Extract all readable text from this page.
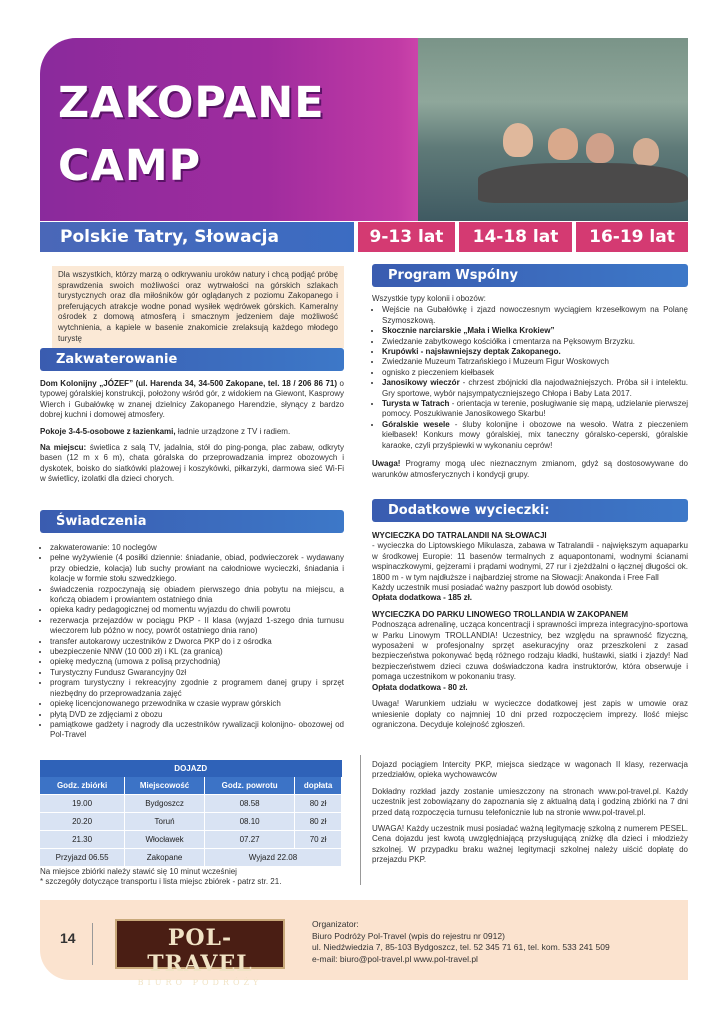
ZAKOPANE
CAMP
Polskie Tatry, Słowacja	9-13 lat	14-18 lat	16-19 lat
Dla wszystkich, którzy marzą o odkrywaniu uroków natury i chcą podjąć próbę sprawdzenia swoich możliwości oraz wytrwałości na górskich szlakach turystycznych oraz dla miłośników gór oglądanych z poziomu Zakopanego i preferujących atrakcje wodne ponad wysiłek wędrówek górskich. Kameralny ośrodek z domową atmosferą i smacznym jedzeniem daje możliwość wytchnienia, a kąpiele w basenie znakomicie zrelaksują każdego młodego turystę
Zakwaterowanie

Dom Kolonijny „JÓZEF” (ul. Harenda 34, 34-500 Zakopane, tel. 18 / 206 86 71) o typowej góralskiej konstrukcji, położony wśród gór, z widokiem na Giewont, Kasprowy Wierch i Gubałówkę w znanej dzielnicy Zakopanego Harendzie, słynący z bardzo dobrej kuchni i domowej atmosfery.

Pokoje 3-4-5-osobowe z łazienkami, ładnie urządzone z TV i radiem.

Na miejscu: świetlica z salą TV, jadalnia, stół do ping-ponga, plac zabaw, odkryty basen (12 m x 6 m), chata góralska do przeprowadzania imprez obozowych i dyskotek, boisko do siatkówki plażowej i koszykówki, piłkarzyki, darmowa sieć Wi-Fi w świetlicy, izolatki dla dzieci chorych.

Świadczenia
• zakwaterowanie: 10 noclegów
• pełne wyżywienie (4 posiłki dziennie: śniadanie, obiad, podwieczorek - wydawany przy obiedzie, kolacja) lub suchy prowiant na całodniowe wycieczki, śniadania i kolacje w formie stołu szwedzkiego.
• świadczenia rozpoczynają się obiadem pierwszego dnia pobytu na miejscu, a kończą obiadem i prowiantem ostatniego dnia
• opieka kadry pedagogicznej od momentu wyjazdu do chwili powrotu
• rezerwacja przejazdów w pociągu PKP - II klasa (wyjazd 1-szego dnia turnusu wieczorem lub późno w nocy, powrót ostatniego dnia rano)
• transfer autokarowy uczestników z Dworca PKP do i z ośrodka
• ubezpieczenie NNW (10 000 zł) i KL (za granicą)
• opiekę medyczną (umowa z polisą przychodnią)
• Turystyczny Fundusz Gwarancyjny 0zł
• program turystyczny i rekreacyjny zgodnie z programem danej grupy i sprzęt niezbędny do przeprowadzania zajęć
• opiekę licencjonowanego przewodnika w czasie wypraw górskich
• płytą DVD ze zdjęciami z obozu
• pamiątkowe gadżety i nagrody dla uczestników rywalizacji kolonijno- obozowej od Pol-Travel
Program Wspólny

Wszystkie typy kolonii i obozów:

• Wejście na Gubałówkę i zjazd nowoczesnym wyciągiem krzesełkowym na Polanę Szymoszkową.
• Skocznie narciarskie „Mała i Wielka Krokiew”
• Zwiedzanie zabytkowego kościółka i cmentarza na Pęksowym Brzyzku.
• Krupówki - najsławniejszy deptak Zakopanego.
• Zwiedzanie Muzeum Tatrzańskiego i Muzeum Figur Woskowych
• ognisko z pieczeniem kiełbasek
• Janosikowy wieczór - chrzest zbójnicki dla najodważniejszych. Próba sił i intelektu. Gry sportowe, wybór najsympatyczniejszego Chłopa i Baby Lata 2017.
• Turysta w Tatrach - orientacja w terenie, posługiwanie się mapą, udzielanie pierwszej pomocy. Poszukiwanie Janosikowego Skarbu!
• Góralskie wesele - śluby kolonijne i obozowe na wesoło. Watra z pieczeniem kiełbasek! Konkurs mowy góralskiej, mix taneczny góralsko-ceperski, góralskie karaoke, czyli przyśpiewki w wykonaniu ceprów!

Uwaga! Programy mogą ulec nieznacznym zmianom, gdyż są dostosowywane do warunków atmosferycznych i kondycji grupy.

Dodatkowe wycieczki:
WYCIECZKA DO TATRALANDII NA SŁOWACJI

- wycieczka do Liptowskiego Mikulasza, zabawa w Tatralandii - największym aquaparku w środkowej Europie: 11 basenów termalnych z aquapontonami, wodnymi ścianami wspinaczkowymi, gejzerami i prądami wodnymi, 27 rur i zjeżdżalni o łącznej długości ok. 1800 m - w tym najdłuższe i najbardziej strome na Słowacji: Anakonda i Free Fall

Każdy uczestnik musi posiadać ważny paszport lub dowód osobisty.

Opłata dodatkowa - 185 zł.

WYCIECZKA DO PARKU LINOWEGO TROLLANDIA W ZAKOPANEM

Podnosząca adrenalinę, ucząca koncentracji i sprawności impreza integracyjno-sportowa w Parku Linowym TROLLANDIA! Uczestnicy, bez względu na sprawność fizyczną, wyposażeni w profesjonalny sprzęt asekuracyjny oraz przeszkoleni z zasad bezpieczeństwa pokonywać będą różnego rodzaju kładki, huśtawki, siatki i zjazdy! Nad bezpieczeństwem dzieci czuwa doświadczona kadra instruktorów, która obserwuje i pomaga uczestnikom w pokonaniu trasy.

Opłata dodatkowa - 80 zł.

Uwaga! Warunkiem udziału w wycieczce dodatkowej jest zapis w umowie oraz wniesienie dopłaty co najmniej 10 dni przed rozpoczęciem imprezy. Ilość miejsc ograniczona. Decyduje kolejność zgłoszeń.

DOJAZD			
Godz. zbiórki	Miejscowość	Godz. powrotu	dopłata
19.00	Bydgoszcz	08.58	80 zł
20.20	Toruń	08.10	80 zł
21.30	Włocławek	07.27	70 zł
Przyjazd 06.55	Zakopane	Wyjazd 22.08	
Na miejsce zbiórki należy stawić się 10 minut wcześniej
* szczegóły dotyczące transportu i lista miejsc zbiórek - patrz str. 21.

Dojazd pociągiem Intercity PKP, miejsca siedzące w wagonach II klasy, rezerwacja przedziałów, opieka wychowawców

Dokładny rozkład jazdy zostanie umieszczony na stronach www.pol-travel.pl. Każdy uczestnik jest zobowiązany do zapoznania się z aktualną datą i godziną zbiórki na 7 dni przed datą rozpoczęcia turnusu telefonicznie lub na stronie www.pol-travel.pl.

UWAGA! Każdy uczestnik musi posiadać ważną legitymację szkolną z numerem PESEL. Cena dojazdu jest kwotą uwzględniającą przysługującą zniżkę dla dzieci i młodzieży szkolnej. W przypadku braku ważnej legitymacji szkolnej należy uiścić dopłatę do przejazdu PKP.

14	POL-TRAVEL
BIURO PODRÓŻY
Organizator:
Biuro Podróży Pol-Travel (wpis do rejestru nr 0912)
ul. Niedźwiedzia 7, 85-103 Bydgoszcz, tel. 52 345 71 61, tel. kom. 533 241 509
e-mail: biuro@pol-travel.pl www.pol-travel.pl
